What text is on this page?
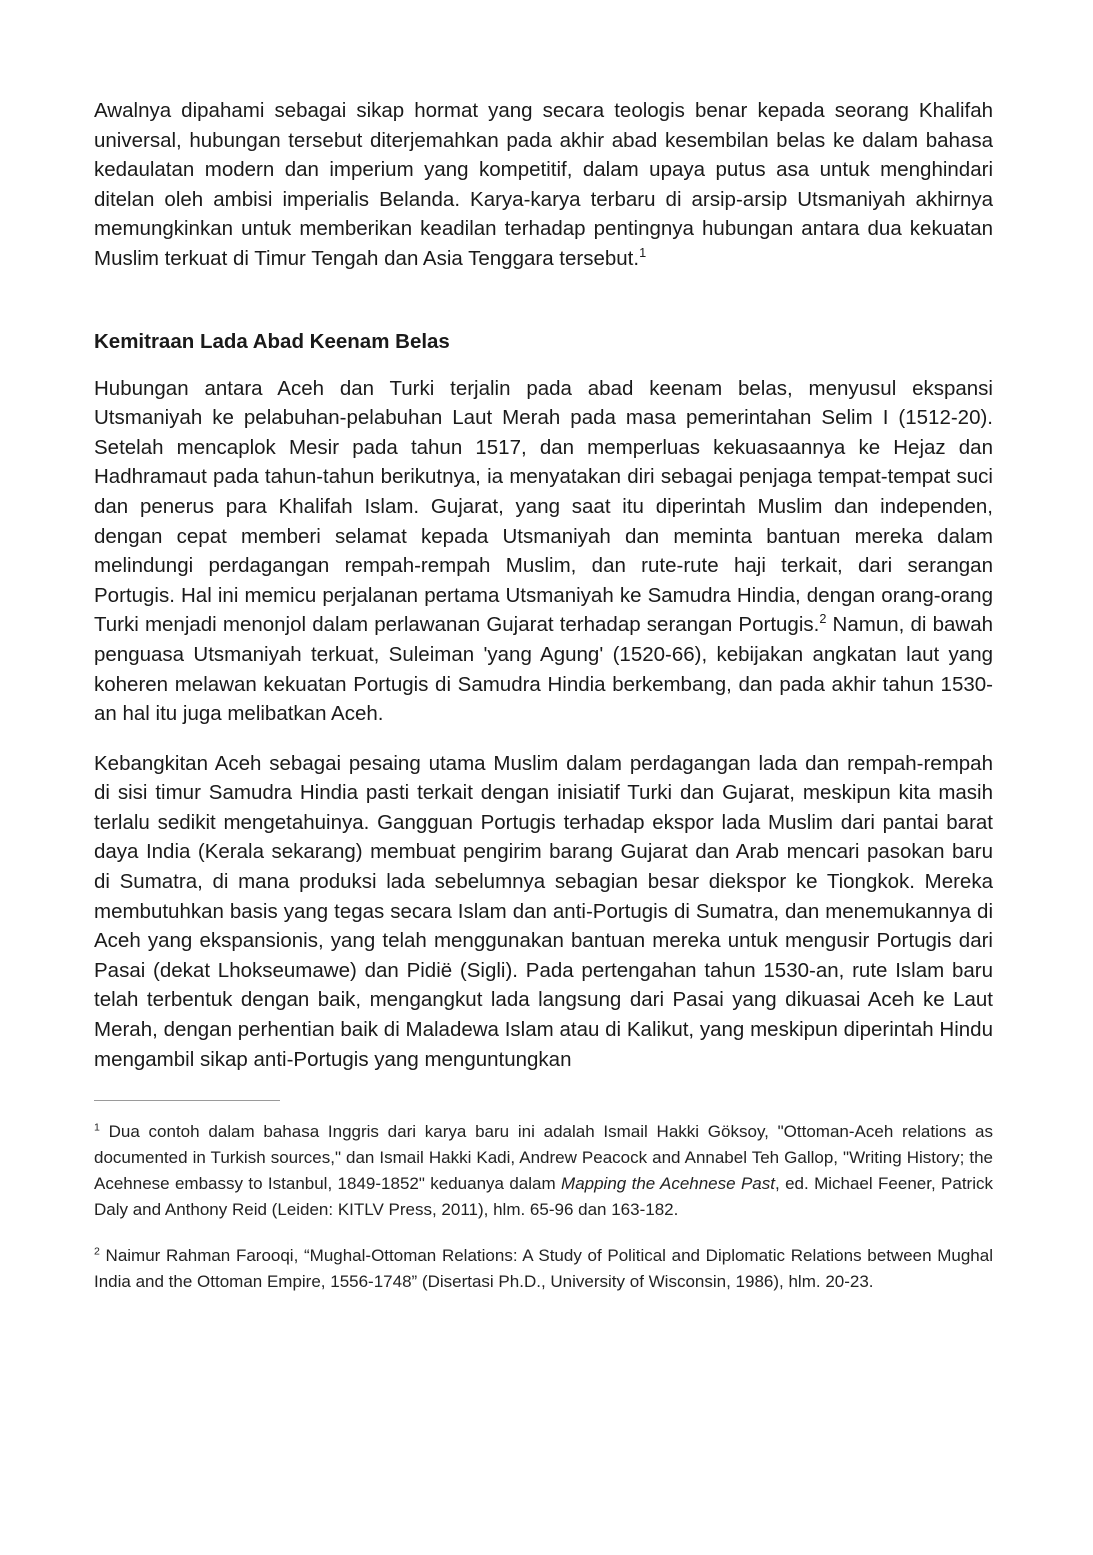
Awalnya dipahami sebagai sikap hormat yang secara teologis benar kepada seorang Khalifah universal, hubungan tersebut diterjemahkan pada akhir abad kesembilan belas ke dalam bahasa kedaulatan modern dan imperium yang kompetitif, dalam upaya putus asa untuk menghindari ditelan oleh ambisi imperialis Belanda. Karya-karya terbaru di arsip-arsip Utsmaniyah akhirnya memungkinkan untuk memberikan keadilan terhadap pentingnya hubungan antara dua kekuatan Muslim terkuat di Timur Tengah dan Asia Tenggara tersebut.$^1$

Kemitraan Lada Abad Keenam Belas

Hubungan antara Aceh dan Turki terjalin pada abad keenam belas, menyusul ekspansi Utsmaniyah ke pelabuhan-pelabuhan Laut Merah pada masa pemerintahan Selim I (1512-20). Setelah mencaplok Mesir pada tahun 1517, dan memperluas kekuasaannya ke Hejaz dan Hadhramaut pada tahun-tahun berikutnya, ia menyatakan diri sebagai penjaga tempat-tempat suci dan penerus para Khalifah Islam. Gujarat, yang saat itu diperintah Muslim dan independen, dengan cepat memberi selamat kepada Utsmaniyah dan meminta bantuan mereka dalam melindungi perdagangan rempah-rempah Muslim, dan rute-rute haji terkait, dari serangan Portugis. Hal ini memicu perjalanan pertama Utsmaniyah ke Samudra Hindia, dengan orang-orang Turki menjadi menonjol dalam perlawanan Gujarat terhadap serangan Portugis.$^2$ Namun, di bawah penguasa Utsmaniyah terkuat, Suleiman 'yang Agung' (1520-66), kebijakan angkatan laut yang koheren melawan kekuatan Portugis di Samudra Hindia berkembang, dan pada akhir tahun 1530-an hal itu juga melibatkan Aceh.

Kebangkitan Aceh sebagai pesaing utama Muslim dalam perdagangan lada dan rempah-rempah di sisi timur Samudra Hindia pasti terkait dengan inisiatif Turki dan Gujarat, meskipun kita masih terlalu sedikit mengetahuinya. Gangguan Portugis terhadap ekspor lada Muslim dari pantai barat daya India (Kerala sekarang) membuat pengirim barang Gujarat dan Arab mencari pasokan baru di Sumatra, di mana produksi lada sebelumnya sebagian besar diekspor ke Tiongkok. Mereka membutuhkan basis yang tegas secara Islam dan anti-Portugis di Sumatra, dan menemukannya di Aceh yang ekspansionis, yang telah menggunakan bantuan mereka untuk mengusir Portugis dari Pasai (dekat Lhokseumawe) dan Pidiё (Sigli). Pada pertengahan tahun 1530-an, rute Islam baru telah terbentuk dengan baik, mengangkut lada langsung dari Pasai yang dikuasai Aceh ke Laut Merah, dengan perhentian baik di Maladewa Islam atau di Kalikut, yang meskipun diperintah Hindu mengambil sikap anti-Portugis yang menguntungkan

$^1$ Dua contoh dalam bahasa Inggris dari karya baru ini adalah Ismail Hakki Göksoy, "Ottoman-Aceh relations as documented in Turkish sources," dan Ismail Hakki Kadi, Andrew Peacock and Annabel Teh Gallop, "Writing History; the Acehnese embassy to Istanbul, 1849-1852" keduanya dalam Mapping the Acehnese Past, ed. Michael Feener, Patrick Daly and Anthony Reid (Leiden: KITLV Press, 2011), hlm. 65-96 dan 163-182.

$^2$ Naimur Rahman Farooqi, “Mughal-Ottoman Relations: A Study of Political and Diplomatic Relations between Mughal India and the Ottoman Empire, 1556-1748” (Disertasi Ph.D., University of Wisconsin, 1986), hlm. 20-23.
